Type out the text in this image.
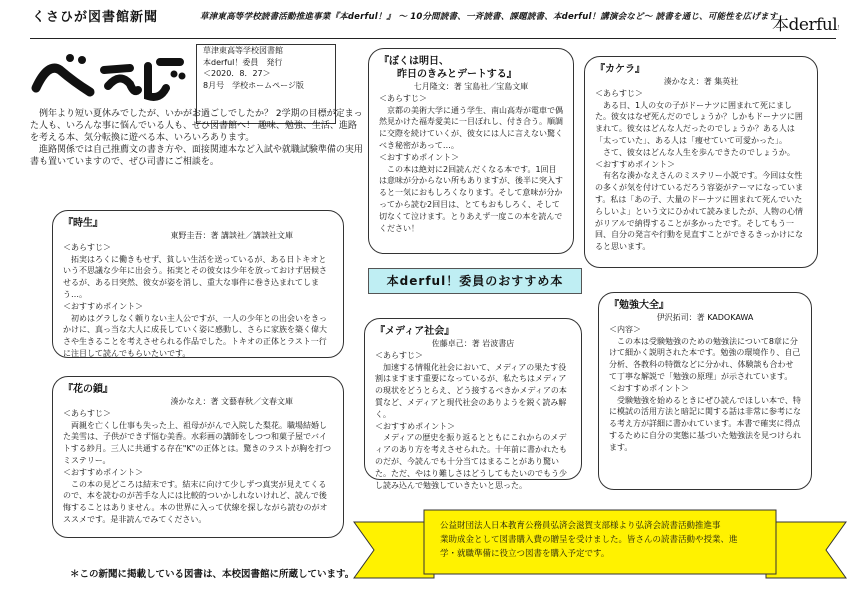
くさひが図書館新聞	草津東高等学校読書活動推進事業『本derful！』 ～ 10分間読書、一斉読書、課題読書、本derful！講演会など～ 読書を通じ、可能性を広げます
本derful！
草津東高等学校図書館
本derful！委員　発行
＜2020．8．27＞
8月号　学校ホームページ版
例年より短い夏休みでしたが、いかがお過ごしでしたか？ 2学期の目標が定まった人も、いろんな事に悩んでいる人も、ぜひ図書館へ！ 趣味、勉強、生活、進路を考える本、気分転換に遊べる本、いろいろあります。
進路関係では自己推薦文の書き方や、面接関連本など入試や就職試験準備の実用書も置いていますので、ぜひ司書にご相談を。
『時生』
東野圭吾：著 講談社／講談社文庫
＜あらすじ＞

拓実はろくに働きもせず、貧しい生活を送っているが、ある日トキオという不思議な少年に出会う。拓実とその彼女は少年を放っておけず居候させるが、ある日突然、彼女が姿を消し、重大な事件に巻き込まれてしまう…。

＜おすすめポイント＞

初めはグラしなく頼りない主人公ですが、一人の少年との出会いをきっかけに、真っ当な大人に成長していく姿に感動し、さらに家族を築く偉大さや生きることを考えさせられる作品でした。トキオの正体とラスト一行に注目して読んでもらいたいです。

『花の鎖』
湊かなえ：著 文藝春秋／文春文庫
＜あらすじ＞

両親を亡くし仕事も失った上、祖母ががんで入院した梨花。職場結婚した美雪は、子供ができず悩む美香。水彩画の講師をしつつ和菓子屋でバイトする紗月。三人に共通する存在"K"の正体とは。驚きのラストが胸を打つミステリー。

＜おすすめポイント＞

この本の見どころは結末です。結末に向けて少しずつ真実が見えてくるので、本を読むのが苦手な人には比較的ついかしれないけれど、読んで後悔することはありません。本の世界に入って伏線を探しながら読むのがオススメです。是非読んでみてください。

『ぼくは明日、
昨日のきみとデートする』
七月隆文：著 宝島社／宝島文庫
＜あらすじ＞

京都の美術大学に通う学生、南山高寿が電車で偶然見かけた福寿愛美に一目ぼれし、付き合う。順調に交際を続けていくが、彼女には人に言えない驚くべき秘密があって…。

＜おすすめポイント＞

この本は絶対に2回読んだくなる本です。1回目は意味が分からない所もありますが、後半に突入すると一気におもしろくなります。そして意味が分かってから読む2回目は、とてもおもしろく、そして切なくて泣けます。とりあえず一度この本を読んでください！

本derful！委員のおすすめ本
『メディア社会』
佐藤卓己：著 岩波書店
＜あらすじ＞

加速する情報化社会において、メディアの果たす役割はますます重要になっているが、私たちはメディアの現状をどうとらえ、どう接するべきかメディアの本質など、メディアと現代社会のありようを鋭く読み解く。

＜おすすめポイント＞

メディアの歴史を振り返るとともにこれからのメディアのあり方を考えさせられた。十年前に書かれたものだが、今読んでも十分当てはまることがあり驚いた。ただ、やはり難しさはどうしてもたいのでもう少し読み込んで勉強していきたいと思った。

『カケラ』
湊かなえ：著 集英社
＜あらすじ＞

ある日、1人の女の子がドーナツに囲まれて死にました。彼女はなぜ死んだのでしょうか？しかもドーナツに囲まれて。彼女はどんな人だったのでしょうか？ある人は「太っていた」、ある人は「痩せていて可愛かった」。

さて、彼女はどんな人生を歩んできたのでしょうか。

＜おすすめポイント＞

有名な湊かなえさんのミステリー小説です。今回は女性の多くが気を付けているだろう容姿がテーマになっています。私は「あの子、大量のドーナツに囲まれて死んでいたらしいよ」という文にひかれて読みましたが、人物の心情がリアルで納得することが多かったです。そしてもう一回、自分の発言や行動を見直すことができるきっかけになると思います。

『勉強大全』
伊沢拓司：著 KADOKAWA
＜内容＞

この本は受験勉強のための勉強法について8章に分けて細かく説明された本です。勉強の環境作り、自己分析、各教科の特徴などに分かれ、体験談も合わせて丁寧な解説で「勉強の原理」が示されています。

＜おすすめポイント＞

受験勉強を始めるときにぜひ読んでほしい本で、特に模試の活用方法と暗記に関する話は非常に参考になる考え方が詳細に書かれています。本書で確実に得点するために自分の実態に基づいた勉強法を見つけられます。

公益財団法人日本教育公務員弘済会滋賀支部様より弘済会読書活動推進事
業助成金として図書購入費の贈呈を受けました。皆さんの読書活動や授業、進
学・就職準備に役立つ図書を購入予定です。
＊この新聞に掲載している図書は、本校図書館に所蔵しています。
